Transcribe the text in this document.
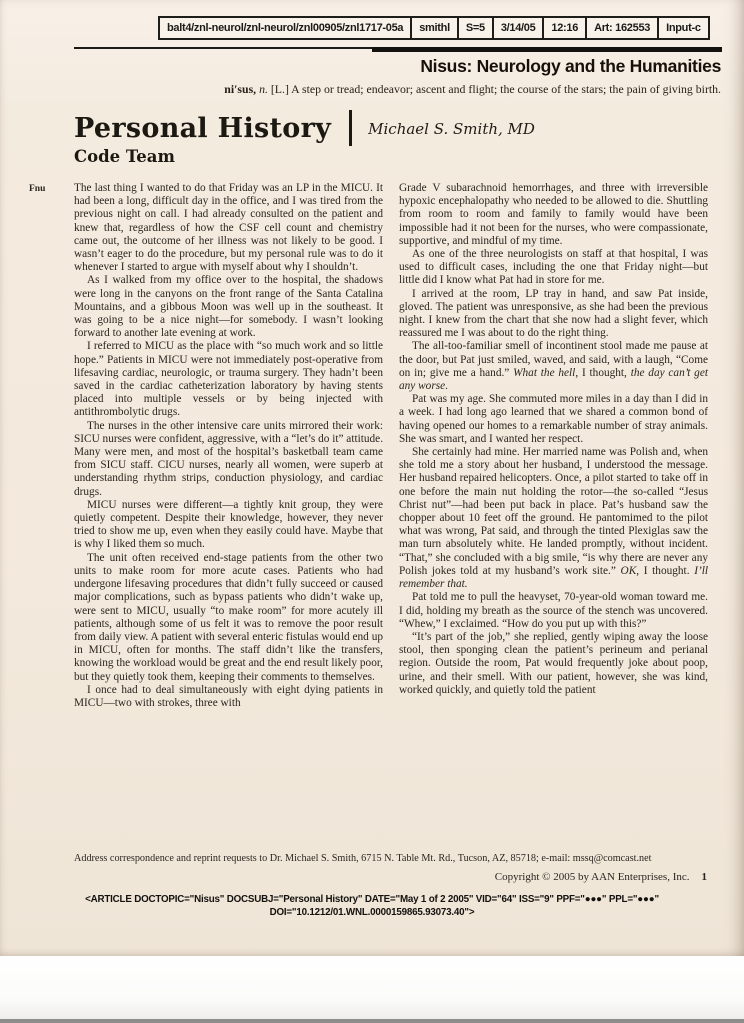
balt4/znl-neurol/znl-neurol/znl00905/znl1717-05a	smithl	S=5	3/14/05	12:16	Art: 162553	Input-c
Nisus: Neurology and the Humanities
ni′sus, n. [L.] A step or tread; endeavor; ascent and flight; the course of the stars; the pain of giving birth.
Personal History Michael S. Smith, MD
Code Team
Fnu	The last thing I wanted to do that Friday was an LP in the MICU. It had been a long, difficult day in the office, and I was tired from the previous night on call. I had already consulted on the patient and knew that, regardless of how the CSF cell count and chemistry came out, the outcome of her illness was not likely to be good. I wasn’t eager to do the procedure, but my personal rule was to do it whenever I started to argue with myself about why I shouldn’t.

As I walked from my office over to the hospital, the shadows were long in the canyons on the front range of the Santa Catalina Mountains, and a gibbous Moon was well up in the southeast. It was going to be a nice night—for somebody. I wasn’t looking forward to another late evening at work.

I referred to MICU as the place with “so much work and so little hope.” Patients in MICU were not immediately post-operative from lifesaving cardiac, neurologic, or trauma surgery. They hadn’t been saved in the cardiac catheterization laboratory by having stents placed into multiple vessels or by being injected with antithrombolytic drugs.

The nurses in the other intensive care units mirrored their work: SICU nurses were confident, aggressive, with a “let’s do it” attitude. Many were men, and most of the hospital’s basketball team came from SICU staff. CICU nurses, nearly all women, were superb at understanding rhythm strips, conduction physiology, and cardiac drugs.

MICU nurses were different—a tightly knit group, they were quietly competent. Despite their knowledge, however, they never tried to show me up, even when they easily could have. Maybe that is why I liked them so much.

The unit often received end-stage patients from the other two units to make room for more acute cases. Patients who had undergone lifesaving procedures that didn’t fully succeed or caused major complications, such as bypass patients who didn’t wake up, were sent to MICU, usually “to make room” for more acutely ill patients, although some of us felt it was to remove the poor result from daily view. A patient with several enteric fistulas would end up in MICU, often for months. The staff didn’t like the transfers, knowing the workload would be great and the end result likely poor, but they quietly took them, keeping their comments to themselves.

I once had to deal simultaneously with eight dying patients in MICU—two with strokes, three with

Grade V subarachnoid hemorrhages, and three with irreversible hypoxic encephalopathy who needed to be allowed to die. Shuttling from room to room and family to family would have been impossible had it not been for the nurses, who were compassionate, supportive, and mindful of my time.

As one of the three neurologists on staff at that hospital, I was used to difficult cases, including the one that Friday night—but little did I know what Pat had in store for me.

I arrived at the room, LP tray in hand, and saw Pat inside, gloved. The patient was unresponsive, as she had been the previous night. I knew from the chart that she now had a slight fever, which reassured me I was about to do the right thing.

The all-too-familiar smell of incontinent stool made me pause at the door, but Pat just smiled, waved, and said, with a laugh, “Come on in; give me a hand.” What the hell, I thought, the day can’t get any worse.

Pat was my age. She commuted more miles in a day than I did in a week. I had long ago learned that we shared a common bond of having opened our homes to a remarkable number of stray animals. She was smart, and I wanted her respect.

She certainly had mine. Her married name was Polish and, when she told me a story about her husband, I understood the message. Her husband repaired helicopters. Once, a pilot started to take off in one before the main nut holding the rotor—the so-called “Jesus Christ nut”—had been put back in place. Pat’s husband saw the chopper about 10 feet off the ground. He pantomimed to the pilot what was wrong, Pat said, and through the tinted Plexiglas saw the man turn absolutely white. He landed promptly, without incident. “That,” she concluded with a big smile, “is why there are never any Polish jokes told at my husband’s work site.” OK, I thought. I’ll remember that.

Pat told me to pull the heavyset, 70-year-old woman toward me. I did, holding my breath as the source of the stench was uncovered. “Whew,” I exclaimed. “How do you put up with this?”

“It’s part of the job,” she replied, gently wiping away the loose stool, then sponging clean the patient’s perineum and perianal region. Outside the room, Pat would frequently joke about poop, urine, and their smell. With our patient, however, she was kind, worked quickly, and quietly told the patient

Address correspondence and reprint requests to Dr. Michael S. Smith, 6715 N. Table Mt. Rd., Tucson, AZ, 85718; e-mail: mssq@comcast.net
Copyright © 2005 by AAN Enterprises, Inc. 1
<ARTICLE DOCTOPIC="Nisus" DOCSUBJ="Personal History" DATE="May 1 of 2 2005" VID="64" ISS="9" PPF="●●●" PPL="●●●"
DOI="10.1212/01.WNL.0000159865.93073.40">
